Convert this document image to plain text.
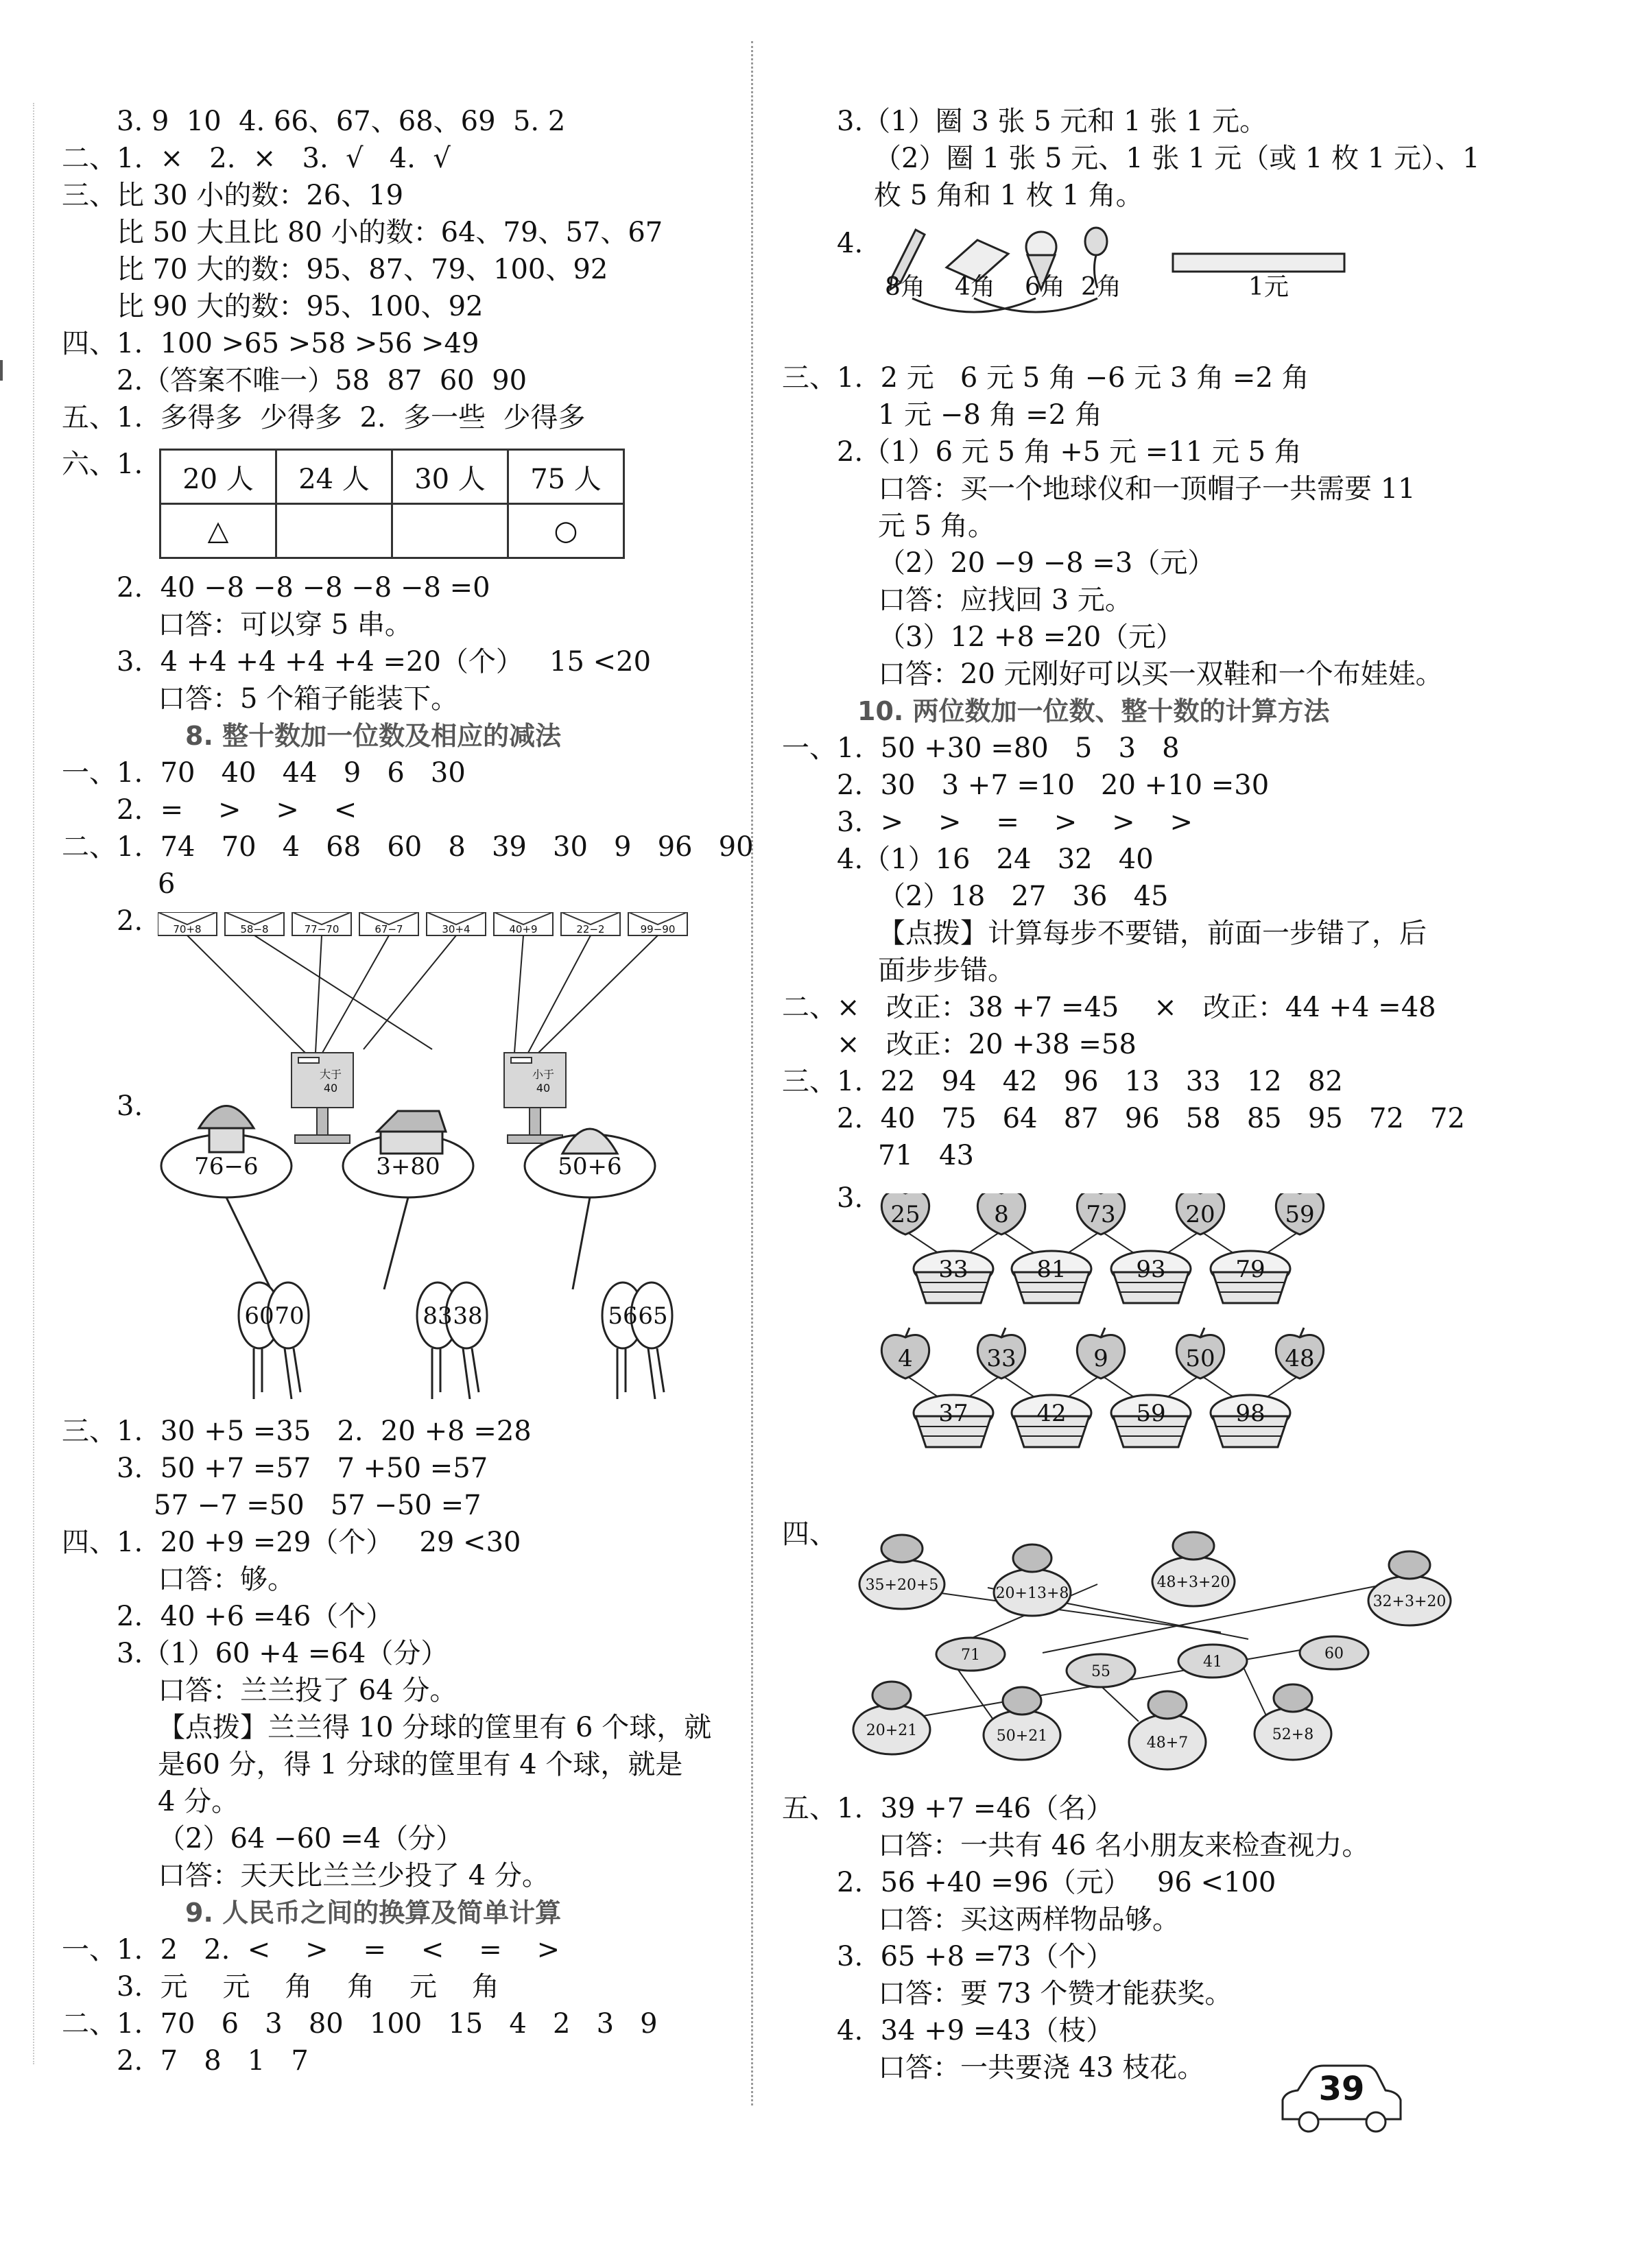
3. 9  10  4. 66、67、68、69  5. 2
二、1.  ×   2.  ×   3.  √   4.  √
三、比 30 小的数：26、19
比 50 大且比 80 小的数：64、79、57、67
比 70 大的数：95、87、79、100、92
比 90 大的数：95、100、92
四、1.  100 >65 >58 >56 >49
2.（答案不唯一）58  87  60  90
五、1.  多得多  少得多  2.  多一些  少得多
六、1. 20 人	24 人	30 人	75 人
△			○
2.  40 −8 −8 −8 −8 −8 =0
口答：可以穿 5 串。
3.  4 +4 +4 +4 +4 =20（个）   15 <20
口答：5 个箱子能装下。
8. 整十数加一位数及相应的减法
一、1.  70   40   44   9   6   30
2.  =    >    >    <
二、1.  74   70   4   68   60   8   39   30   9   96   90
6
2.	70+8	58−8	77−70	67−7	30+4	40+9	22−2	99−90
大于 40
小于 40
3.
76−6	3+80	50+6
60 70	83 38	56 65
三、1.  30 +5 =35   2.  20 +8 =28
3.  50 +7 =57   7 +50 =57
57 −7 =50   57 −50 =7
四、1.  20 +9 =29（个）   29 <30
口答：够。
2.  40 +6 =46（个）
3.（1）60 +4 =64（分）
口答：兰兰投了 64 分。
【点拨】兰兰得 10 分球的筐里有 6 个球，就
是60 分，得 1 分球的筐里有 4 个球，就是
4 分。
（2）64 −60 =4（分）
口答：天天比兰兰少投了 4 分。
9. 人民币之间的换算及简单计算
一、1.  2   2.  <    >    =    <    =    >
3.  元    元    角    角    元    角
二、1.  70   6   3   80   100   15   4   2   3   9
2.  7   8   1   7
3.（1）圈 3 张 5 元和 1 张 1 元。
（2）圈 1 张 5 元、1 张 1 元（或 1 枚 1 元）、1
枚 5 角和 1 枚 1 角。
4.
8角 4角 6角 2角	1元
三、1.  2 元   6 元 5 角 −6 元 3 角 =2 角
1 元 −8 角 =2 角
2.（1）6 元 5 角 +5 元 =11 元 5 角
口答：买一个地球仪和一顶帽子一共需要 11
元 5 角。
（2）20 −9 −8 =3（元）
口答：应找回 3 元。
（3）12 +8 =20（元）
口答：20 元刚好可以买一双鞋和一个布娃娃。
10. 两位数加一位数、整十数的计算方法
一、1.  50 +30 =80   5   3   8
2.  30   3 +7 =10   20 +10 =30
3.  >    >    =    >    >    >
4.（1）16   24   32   40
（2）18   27   36   45
【点拨】计算每步不要错，前面一步错了，后
面步步错。
二、×   改正：38 +7 =45    ×   改正：44 +4 =48
×   改正：20 +38 =58
三、1.  22   94   42   96   13   33   12   82
2.  40   75   64   87   96   58   85   95   72   72
71   43
3.
25	8	73	20	59
33	81	93	79
4	33	9	50	48
37	42	59	98
四、
35+20+5	20+13+8
48+3+20
32+3+20
71
55
41	60
20+21	50+21	48+7	52+8
五、1.  39 +7 =46（名）
口答：一共有 46 名小朋友来检查视力。
2.  56 +40 =96（元）   96 <100
口答：买这两样物品够。
3.  65 +8 =73（个）
口答：要 73 个赞才能获奖。
4.  34 +9 =43（枝）
口答：一共要浇 43 枝花。
39
